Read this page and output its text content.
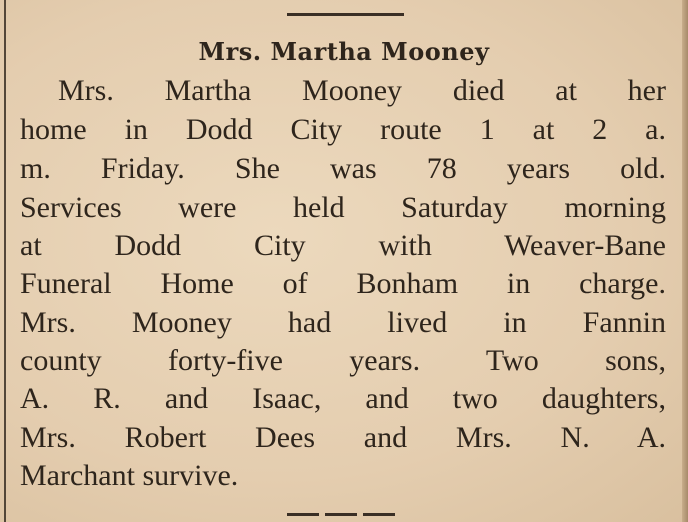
Mrs. Martha Mooney
Mrs. Martha Mooney died at her
home in Dodd City route 1 at 2 a.
m. Friday. She was 78 years old.
Services were held Saturday morning
at Dodd City with Weaver-Bane
Funeral Home of Bonham in charge.
Mrs. Mooney had lived in Fannin
county forty-five years. Two sons,
A. R. and Isaac, and two daughters,
Mrs. Robert Dees and Mrs. N. A.
Marchant survive.
